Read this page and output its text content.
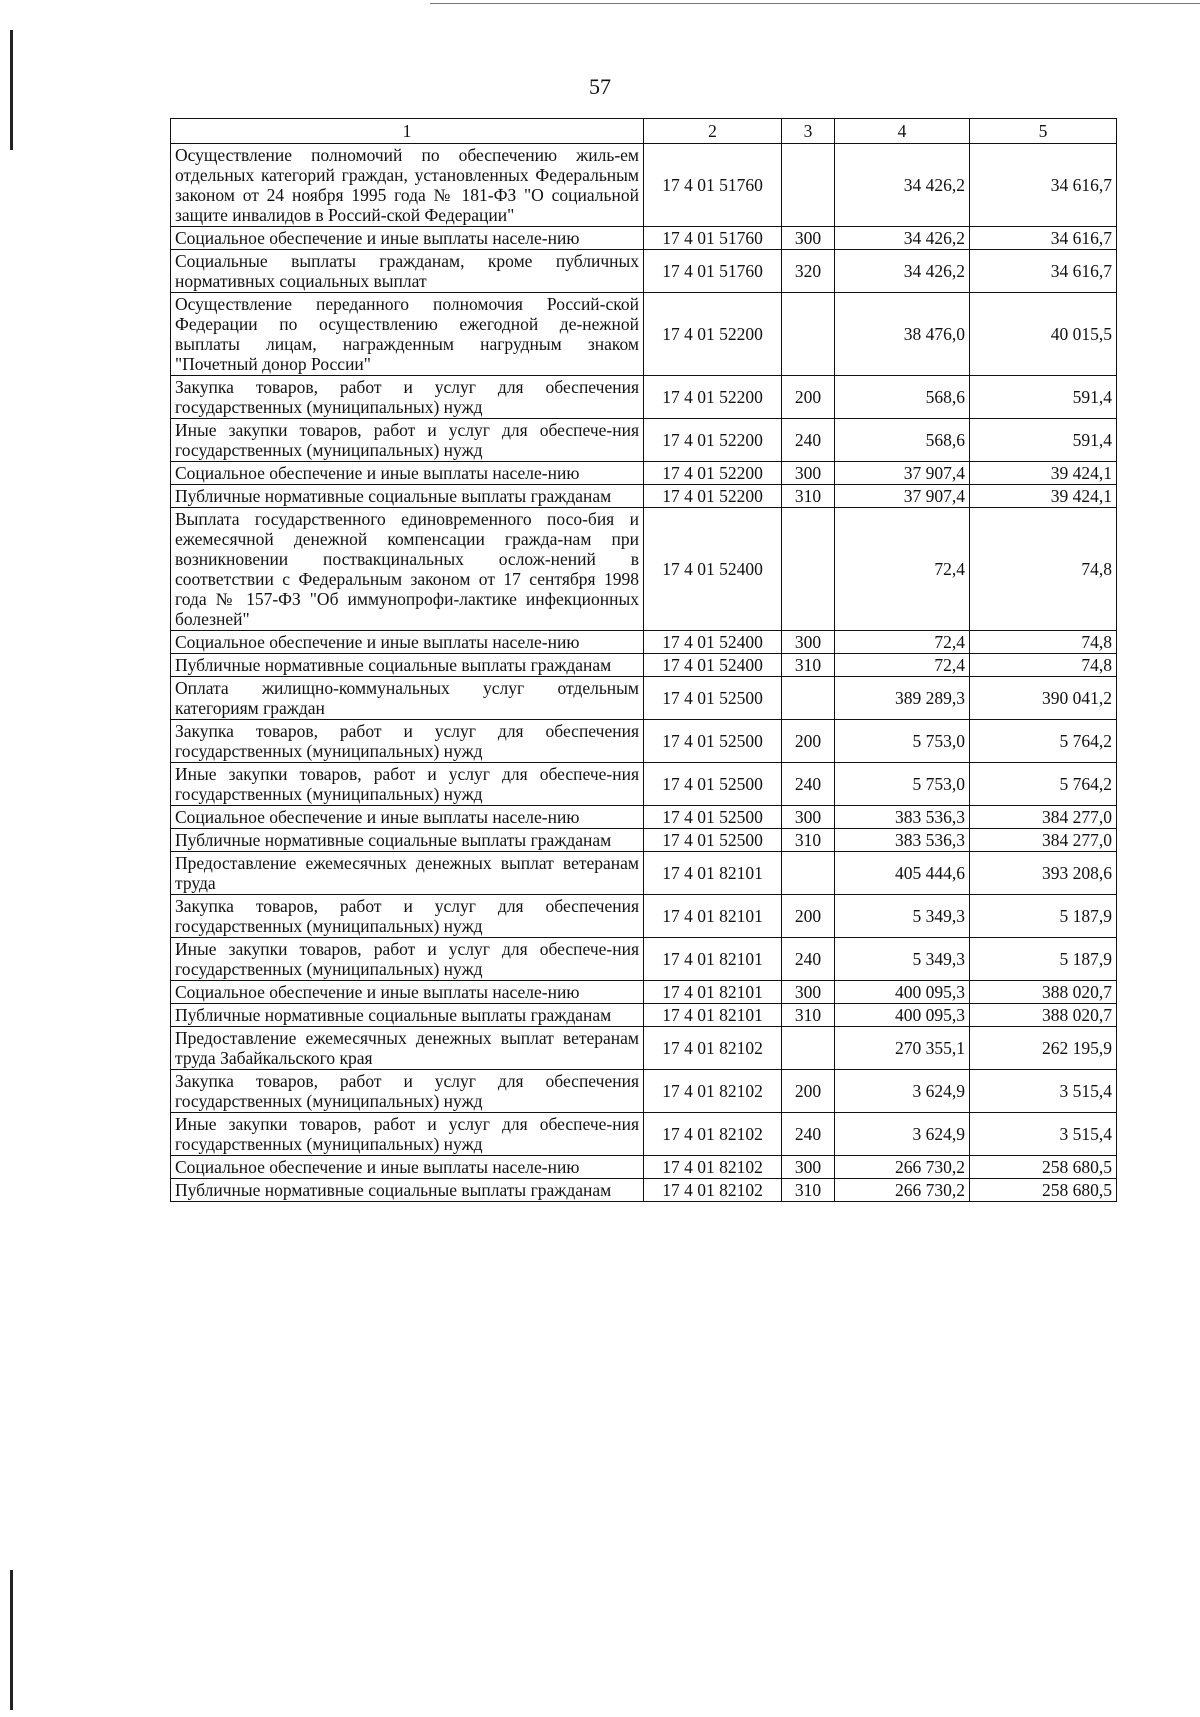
57
1	2	3	4	5
Осуществление полномочий по обеспечению жиль-ем отдельных категорий граждан, установленных Федеральным законом от 24 ноября 1995 года № 181-ФЗ "О социальной защите инвалидов в Россий-ской Федерации"	17 4 01 51760		34 426,2	34 616,7
Социальное обеспечение и иные выплаты населе-нию	17 4 01 51760	300	34 426,2	34 616,7
Социальные выплаты гражданам, кроме публичных нормативных социальных выплат	17 4 01 51760	320	34 426,2	34 616,7
Осуществление переданного полномочия Россий-ской Федерации по осуществлению ежегодной де-нежной выплаты лицам, награжденным нагрудным знаком "Почетный донор России"	17 4 01 52200		38 476,0	40 015,5
Закупка товаров, работ и услуг для обеспечения государственных (муниципальных) нужд	17 4 01 52200	200	568,6	591,4
Иные закупки товаров, работ и услуг для обеспече-ния государственных (муниципальных) нужд	17 4 01 52200	240	568,6	591,4
Социальное обеспечение и иные выплаты населе-нию	17 4 01 52200	300	37 907,4	39 424,1
Публичные нормативные социальные выплаты гражданам	17 4 01 52200	310	37 907,4	39 424,1
Выплата государственного единовременного посо-бия и ежемесячной денежной компенсации гражда-нам при возникновении поствакцинальных ослож-нений в соответствии с Федеральным законом от 17 сентября 1998 года № 157-ФЗ "Об иммунопрофи-лактике инфекционных болезней"	17 4 01 52400		72,4	74,8
Социальное обеспечение и иные выплаты населе-нию	17 4 01 52400	300	72,4	74,8
Публичные нормативные социальные выплаты гражданам	17 4 01 52400	310	72,4	74,8
Оплата жилищно-коммунальных услуг отдельным категориям граждан	17 4 01 52500		389 289,3	390 041,2
Закупка товаров, работ и услуг для обеспечения государственных (муниципальных) нужд	17 4 01 52500	200	5 753,0	5 764,2
Иные закупки товаров, работ и услуг для обеспече-ния государственных (муниципальных) нужд	17 4 01 52500	240	5 753,0	5 764,2
Социальное обеспечение и иные выплаты населе-нию	17 4 01 52500	300	383 536,3	384 277,0
Публичные нормативные социальные выплаты гражданам	17 4 01 52500	310	383 536,3	384 277,0
Предоставление ежемесячных денежных выплат ветеранам труда	17 4 01 82101		405 444,6	393 208,6
Закупка товаров, работ и услуг для обеспечения государственных (муниципальных) нужд	17 4 01 82101	200	5 349,3	5 187,9
Иные закупки товаров, работ и услуг для обеспече-ния государственных (муниципальных) нужд	17 4 01 82101	240	5 349,3	5 187,9
Социальное обеспечение и иные выплаты населе-нию	17 4 01 82101	300	400 095,3	388 020,7
Публичные нормативные социальные выплаты гражданам	17 4 01 82101	310	400 095,3	388 020,7
Предоставление ежемесячных денежных выплат ветеранам труда Забайкальского края	17 4 01 82102		270 355,1	262 195,9
Закупка товаров, работ и услуг для обеспечения государственных (муниципальных) нужд	17 4 01 82102	200	3 624,9	3 515,4
Иные закупки товаров, работ и услуг для обеспече-ния государственных (муниципальных) нужд	17 4 01 82102	240	3 624,9	3 515,4
Социальное обеспечение и иные выплаты населе-нию	17 4 01 82102	300	266 730,2	258 680,5
Публичные нормативные социальные выплаты гражданам	17 4 01 82102	310	266 730,2	258 680,5
